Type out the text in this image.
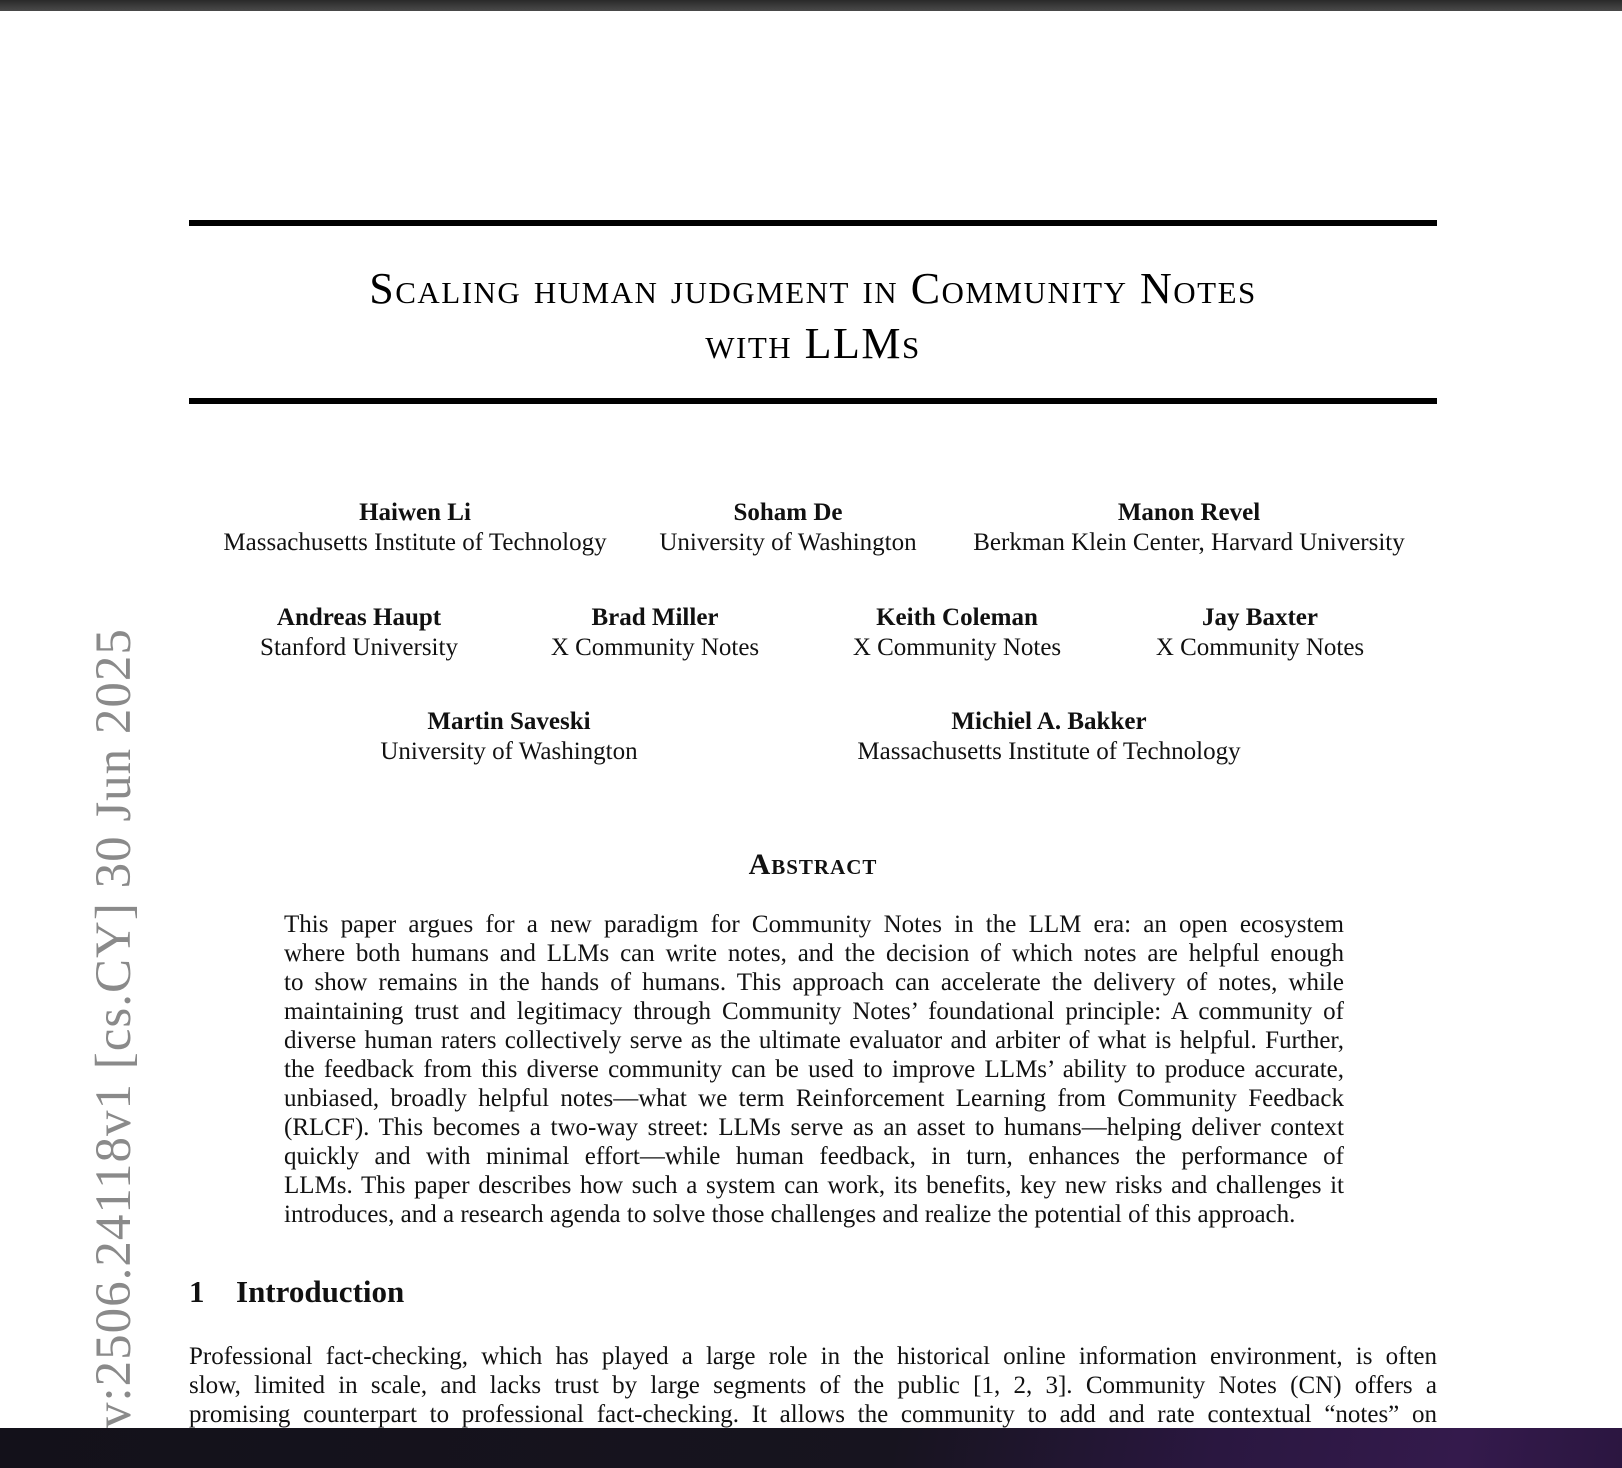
Scaling human judgment in Community Notes
with LLMs
Haiwen Li
Massachusetts Institute of Technology
Soham De
University of Washington
Manon Revel
Berkman Klein Center, Harvard University
Andreas Haupt
Stanford University
Brad Miller
X Community Notes
Keith Coleman
X Community Notes
Jay Baxter
X Community Notes
Martin Saveski
University of Washington
Michiel A. Bakker
Massachusetts Institute of Technology
Abstract
This paper argues for a new paradigm for Community Notes in the LLM era: an open ecosystem
where both humans and LLMs can write notes, and the decision of which notes are helpful enough
to show remains in the hands of humans. This approach can accelerate the delivery of notes, while
maintaining trust and legitimacy through Community Notes’ foundational principle: A community of
diverse human raters collectively serve as the ultimate evaluator and arbiter of what is helpful. Further,
the feedback from this diverse community can be used to improve LLMs’ ability to produce accurate,
unbiased, broadly helpful notes—what we term Reinforcement Learning from Community Feedback
(RLCF). This becomes a two-way street: LLMs serve as an asset to humans—helping deliver context
quickly and with minimal effort—while human feedback, in turn, enhances the performance of
LLMs. This paper describes how such a system can work, its benefits, key new risks and challenges it
introduces, and a research agenda to solve those challenges and realize the potential of this approach.
1 Introduction
Professional fact-checking, which has played a large role in the historical online information environment, is often
slow, limited in scale, and lacks trust by large segments of the public [1, 2, 3]. Community Notes (CN) offers a
promising counterpart to professional fact-checking. It allows the community to add and rate contextual “notes” on
v:2506.24118v1 [cs.CY] 30 Jun 2025
